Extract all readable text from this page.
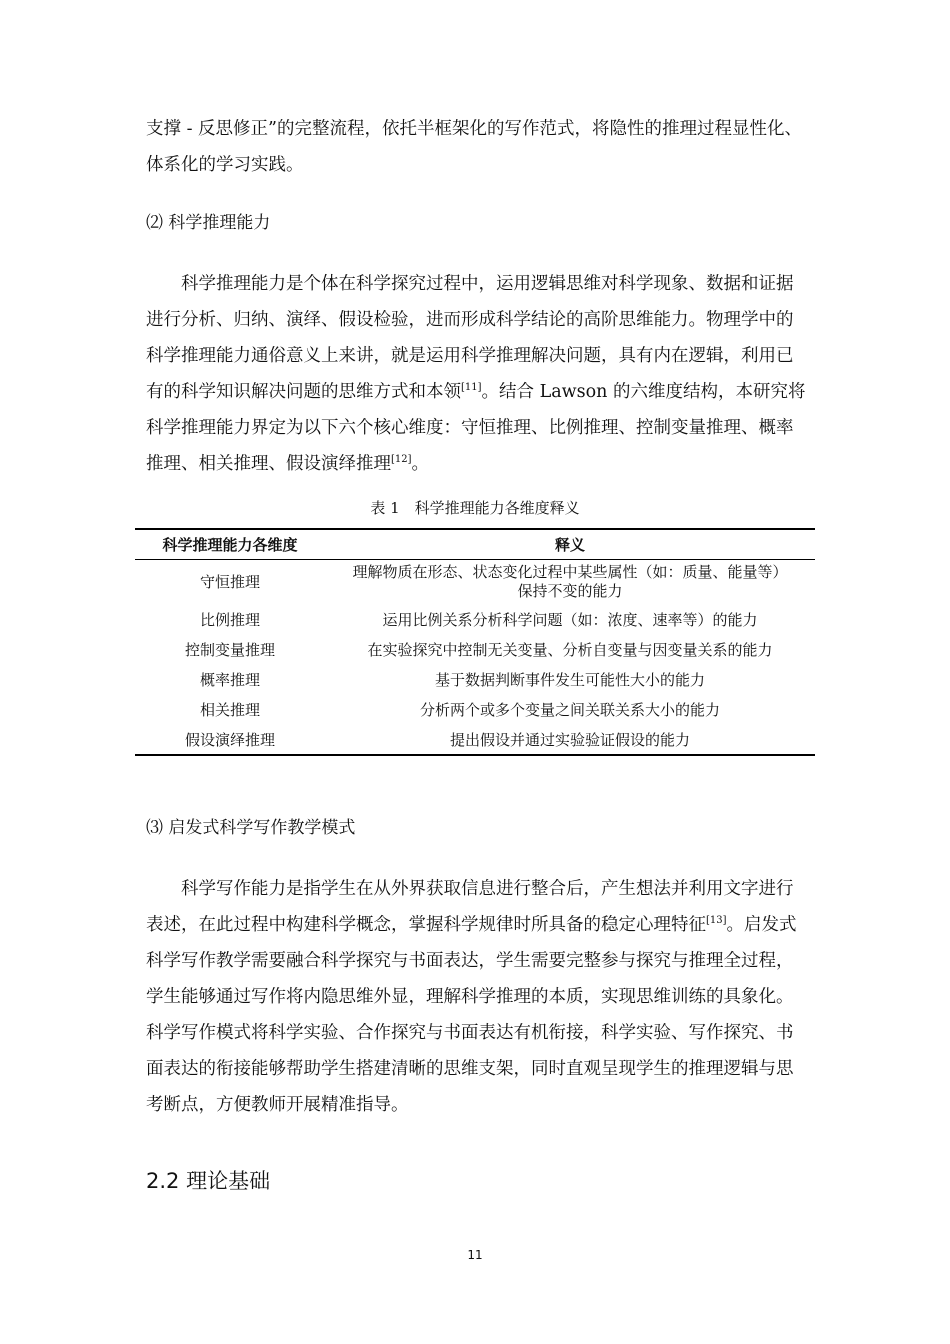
支撑 - 反思修正”的完整流程，依托半框架化的写作范式，将隐性的推理过程显性化、体系化的学习实践。

⑵ 科学推理能力

科学推理能力是个体在科学探究过程中，运用逻辑思维对科学现象、数据和证据进行分析、归纳、演绎、假设检验，进而形成科学结论的高阶思维能力。物理学中的科学推理能力通俗意义上来讲，就是运用科学推理解决问题，具有内在逻辑，利用已有的科学知识解决问题的思维方式和本领[11]。结合 Lawson 的六维度结构，本研究将科学推理能力界定为以下六个核心维度：守恒推理、比例推理、控制变量推理、概率推理、相关推理、假设演绎推理[12]。

表 1　科学推理能力各维度释义
科学推理能力各维度	释义
守恒推理	理解物质在形态、状态变化过程中某些属性（如：质量、能量等）
保持不变的能力
比例推理	运用比例关系分析科学问题（如：浓度、速率等）的能力
控制变量推理	在实验探究中控制无关变量、分析自变量与因变量关系的能力
概率推理	基于数据判断事件发生可能性大小的能力
相关推理	分析两个或多个变量之间关联关系大小的能力
假设演绎推理	提出假设并通过实验验证假设的能力
⑶ 启发式科学写作教学模式

科学写作能力是指学生在从外界获取信息进行整合后，产生想法并利用文字进行表述，在此过程中构建科学概念，掌握科学规律时所具备的稳定心理特征[13]。启发式科学写作教学需要融合科学探究与书面表达，学生需要完整参与探究与推理全过程，学生能够通过写作将内隐思维外显，理解科学推理的本质，实现思维训练的具象化。科学写作模式将科学实验、合作探究与书面表达有机衔接，科学实验、写作探究、书面表达的衔接能够帮助学生搭建清晰的思维支架，同时直观呈现学生的推理逻辑与思考断点，方便教师开展精准指导。

2.2 理论基础
11
